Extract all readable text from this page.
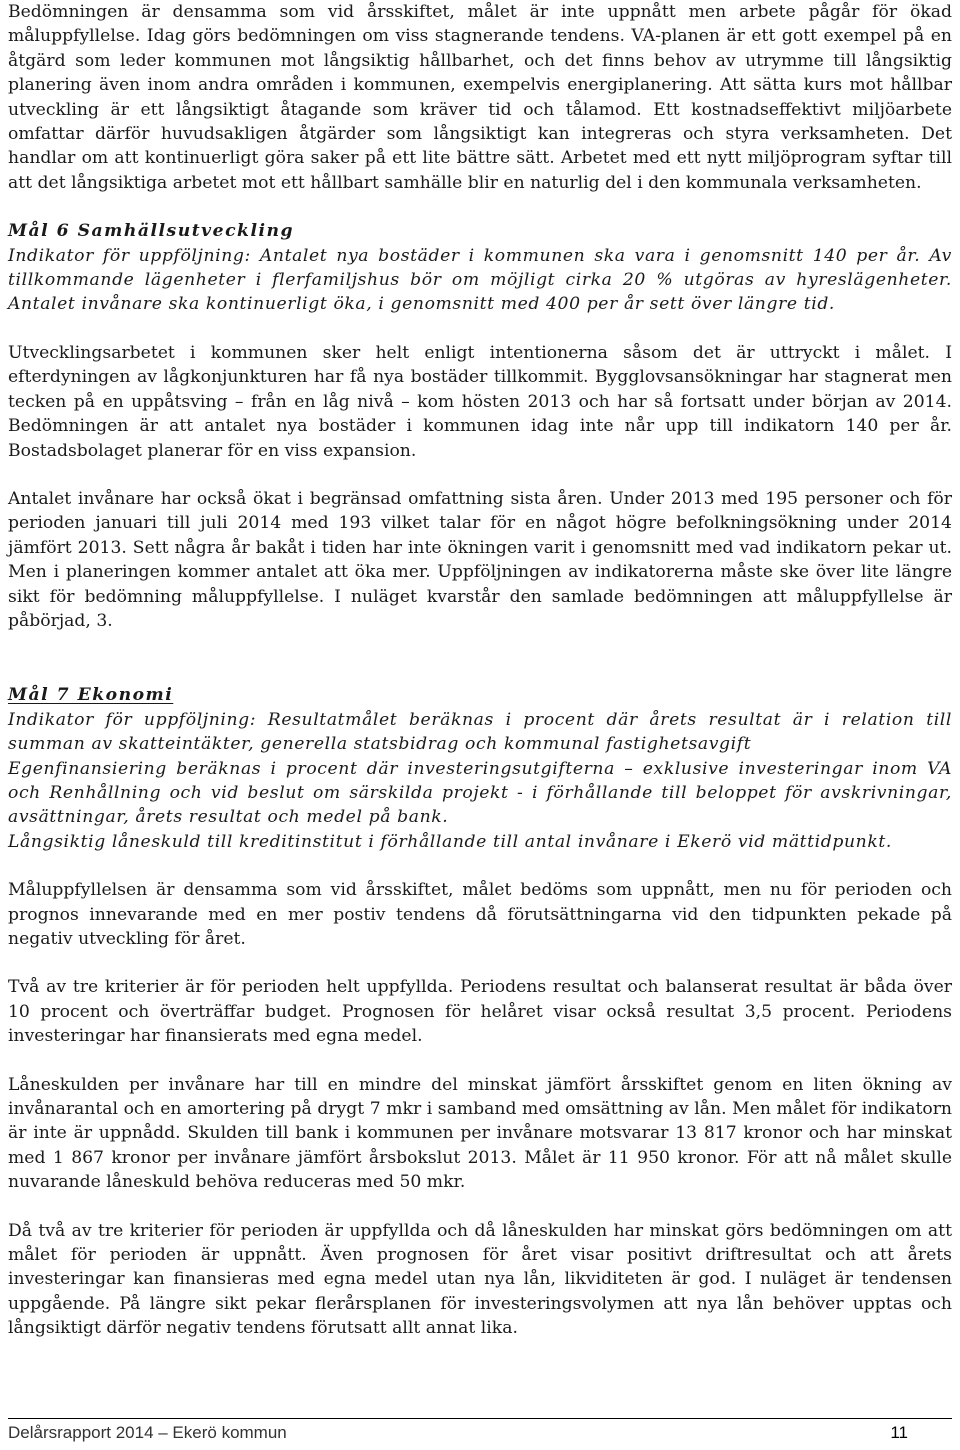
Bedömningen är densamma som vid årsskiftet, målet är inte uppnått men arbete pågår för ökad måluppfyllelse. Idag görs bedömningen om viss stagnerande tendens. VA-planen är ett gott exempel på en åtgärd som leder kommunen mot långsiktig hållbarhet, och det finns behov av utrymme till långsiktig planering även inom andra områden i kommunen, exempelvis energiplanering. Att sätta kurs mot hållbar utveckling är ett långsiktigt åtagande som kräver tid och tålamod. Ett kostnadseffektivt miljöarbete omfattar därför huvudsakligen åtgärder som långsiktigt kan integreras och styra verksamheten. Det handlar om att kontinuerligt göra saker på ett lite bättre sätt. Arbetet med ett nytt miljöprogram syftar till att det långsiktiga arbetet mot ett hållbart samhälle blir en naturlig del i den kommunala verksamheten.

Mål 6 Samhällsutveckling

Indikator för uppföljning: Antalet nya bostäder i kommunen ska vara i genomsnitt 140 per år. Av tillkommande lägenheter i flerfamiljshus bör om möjligt cirka 20 % utgöras av hyreslägenheter. Antalet invånare ska kontinuerligt öka, i genomsnitt med 400 per år sett över längre tid.

Utvecklingsarbetet i kommunen sker helt enligt intentionerna såsom det är uttryckt i målet. I efterdyningen av lågkonjunkturen har få nya bostäder tillkommit. Bygglovsansökningar har stagnerat men tecken på en uppåtsving – från en låg nivå – kom hösten 2013 och har så fortsatt under början av 2014. Bedömningen är att antalet nya bostäder i kommunen idag inte når upp till indikatorn 140 per år. Bostadsbolaget planerar för en viss expansion.

Antalet invånare har också ökat i begränsad omfattning sista åren. Under 2013 med 195 personer och för perioden januari till juli 2014 med 193 vilket talar för en något högre befolkningsökning under 2014 jämfört 2013. Sett några år bakåt i tiden har inte ökningen varit i genomsnitt med vad indikatorn pekar ut. Men i planeringen kommer antalet att öka mer. Uppföljningen av indikatorerna måste ske över lite längre sikt för bedömning måluppfyllelse. I nuläget kvarstår den samlade bedömningen att måluppfyllelse är påbörjad, 3.

Mål 7 Ekonomi

Indikator för uppföljning: Resultatmålet beräknas i procent där årets resultat är i relation till summan av skatteintäkter, generella statsbidrag och kommunal fastighetsavgift

Egenfinansiering beräknas i procent där investeringsutgifterna – exklusive investeringar inom VA och Renhållning och vid beslut om särskilda projekt - i förhållande till beloppet för avskrivningar, avsättningar, årets resultat och medel på bank.

Långsiktig låneskuld till kreditinstitut i förhållande till antal invånare i Ekerö vid mättidpunkt.

Måluppfyllelsen är densamma som vid årsskiftet, målet bedöms som uppnått, men nu för perioden och prognos innevarande med en mer postiv tendens då förutsättningarna vid den tidpunkten pekade på negativ utveckling för året.

Två av tre kriterier är för perioden helt uppfyllda. Periodens resultat och balanserat resultat är båda över 10 procent och överträffar budget. Prognosen för helåret visar också resultat 3,5 procent. Periodens investeringar har finansierats med egna medel.

Låneskulden per invånare har till en mindre del minskat jämfört årsskiftet genom en liten ökning av invånarantal och en amortering på drygt 7 mkr i samband med omsättning av lån. Men målet för indikatorn är inte är uppnådd. Skulden till bank i kommunen per invånare motsvarar 13 817 kronor och har minskat med 1 867 kronor per invånare jämfört årsbokslut 2013. Målet är 11 950 kronor. För att nå målet skulle nuvarande låneskuld behöva reduceras med 50 mkr.

Då två av tre kriterier för perioden är uppfyllda och då låneskulden har minskat görs bedömningen om att målet för perioden är uppnått. Även prognosen för året visar positivt driftresultat och att årets investeringar kan finansieras med egna medel utan nya lån, likviditeten är god. I nuläget är tendensen uppgående. På längre sikt pekar flerårsplanen för investeringsvolymen att nya lån behöver upptas och långsiktigt därför negativ tendens förutsatt allt annat lika.

Delårsrapport 2014 – Ekerö kommun	11
